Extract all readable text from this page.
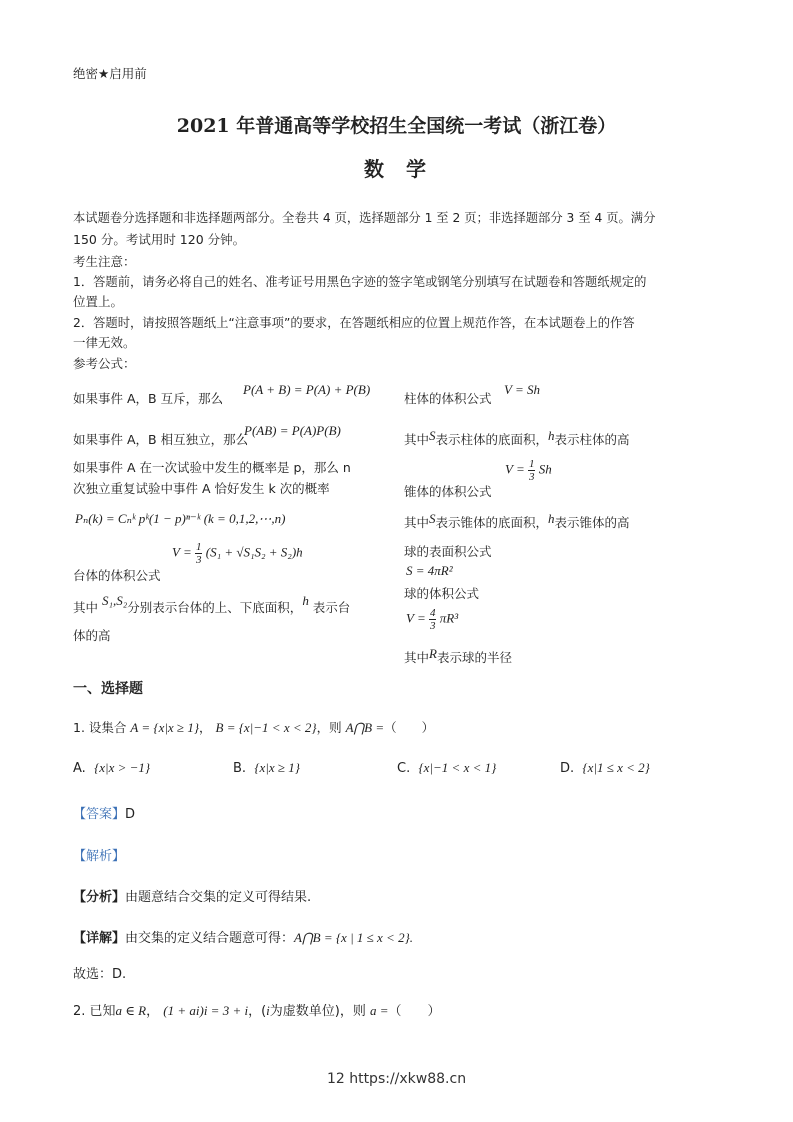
绝密★启用前
2021 年普通高等学校招生全国统一考试（浙江卷）
数学
本试题卷分选择题和非选择题两部分。全卷共 4 页，选择题部分 1 至 2 页；非选择题部分 3 至 4 页。满分
150 分。考试用时 120 分钟。
考生注意：
1．答题前，请务必将自己的姓名、准考证号用黑色字迹的签字笔或钢笔分别填写在试题卷和答题纸规定的
位置上。
2．答题时，请按照答题纸上“注意事项”的要求，在答题纸相应的位置上规范作答，在本试题卷上的作答
一律无效。
参考公式：
如果事件 A，B 互斥，那么
P(A + B) = P(A) + P(B)
如果事件 A，B 相互独立，那么
P(AB) = P(A)P(B)
如果事件 A 在一次试验中发生的概率是 p，那么 n
次独立重复试验中事件 A 恰好发生 k 次的概率
Pₙ(k) = Cₙᵏ pᵏ(1 − p)ⁿ⁻ᵏ (k = 0,1,2,⋯,n)
$V = \frac{1}{3} (S_1 + √S_1S_2 + S_2)h$
台体的体积公式
其中 S₁,S₂分别表示台体的上、下底面积，h 表示台
体的高
柱体的体积公式
V = Sh
其中S表示柱体的底面积，h表示柱体的高
$V = \frac{1}{3}$ Sh
锥体的体积公式
其中S表示锥体的底面积，h表示锥体的高
球的表面积公式
S = 4πR²
球的体积公式
$V = \frac{4}{3} \pi R^3$
其中R表示球的半径
一、选择题
1. 设集合 A = {x|x ≥ 1}， B = {x|−1 < x < 2}，则 A⋂B =（　　）
A. {x|x > −1}	B. {x|x ≥ 1}	C. {x|−1 < x < 1}	D. {x|1 ≤ x < 2}
【答案】D
【解析】
【分析】由题意结合交集的定义可得结果.
【详解】由交集的定义结合题意可得：A⋂B = {x | 1 ≤ x < 2}.
故选：D.
2. 已知a ∈ R， (1 + ai)i = 3 + i，(i为虚数单位)，则 a =（　　）
12 https://xkw88.cn
